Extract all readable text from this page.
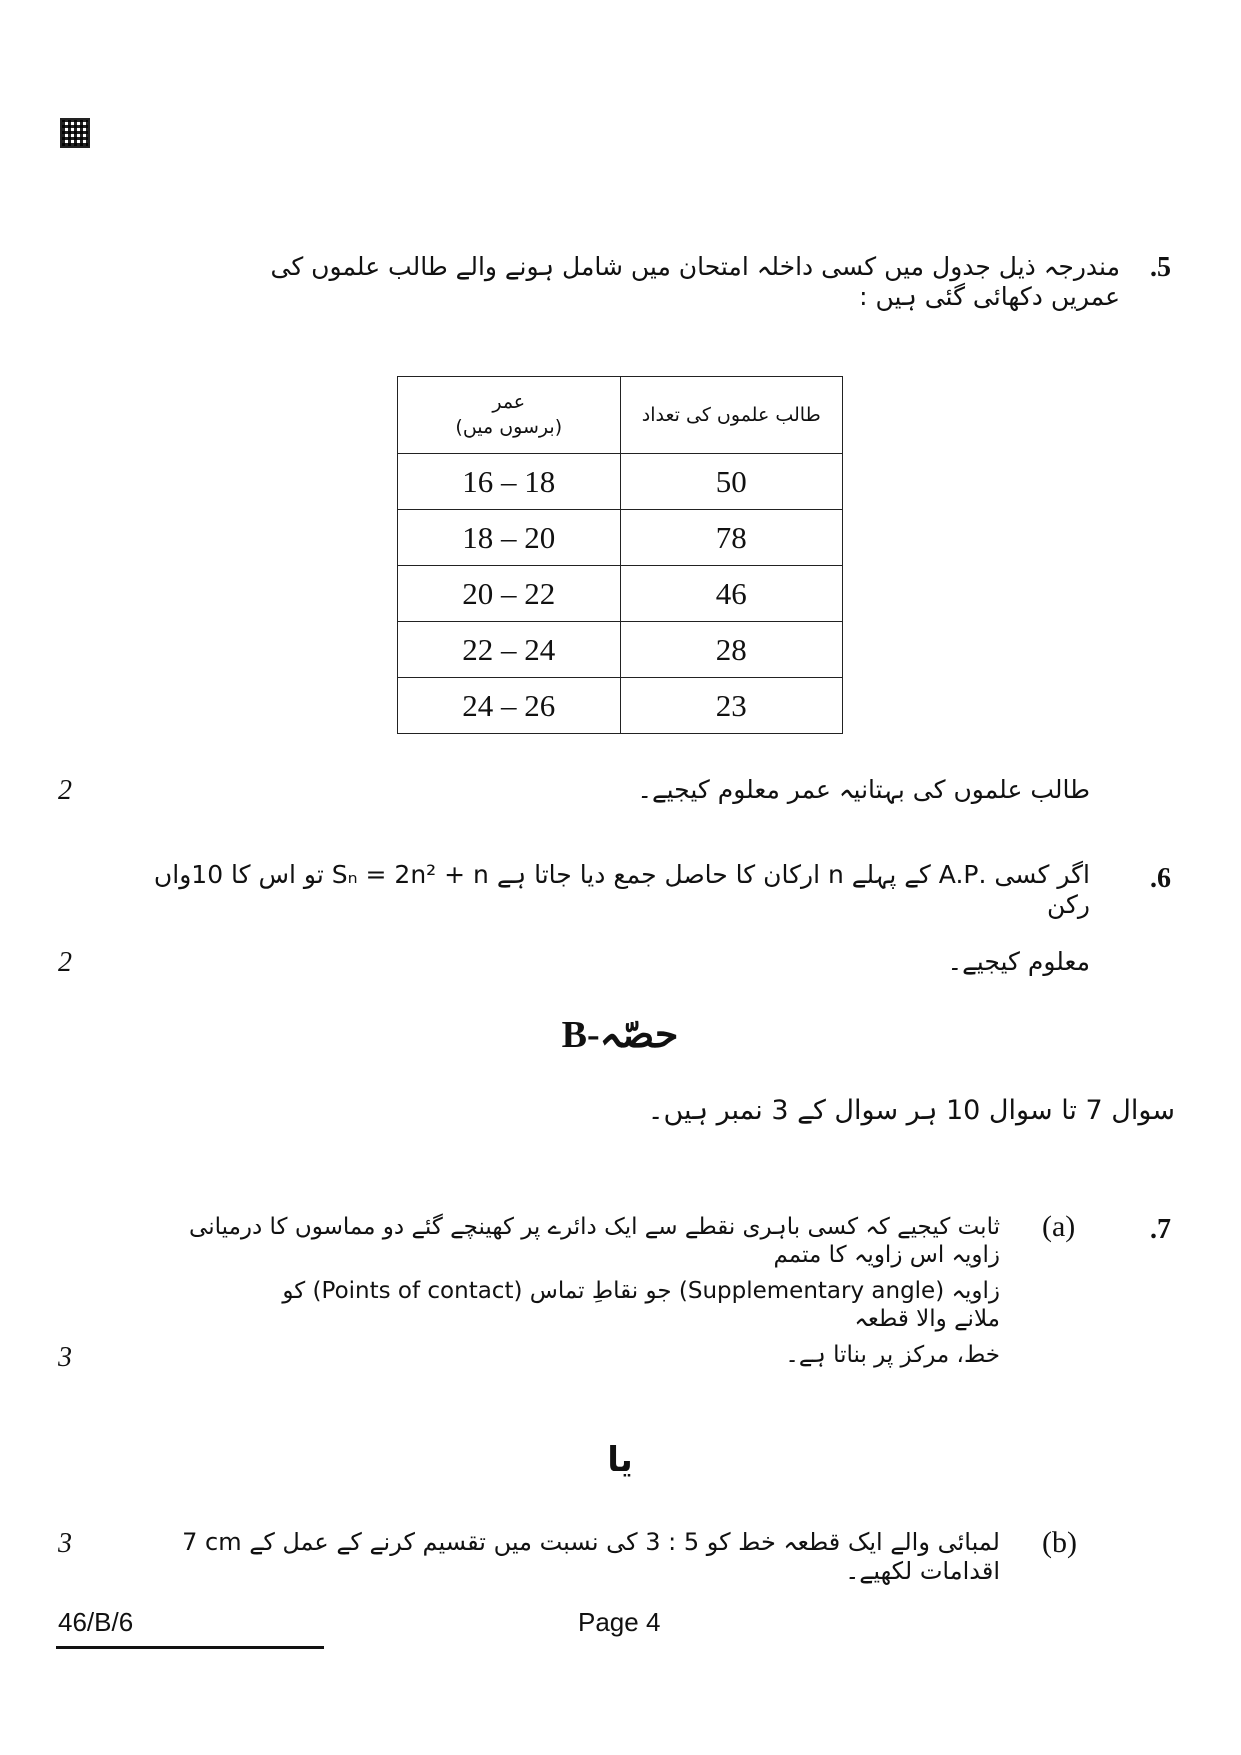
.5
مندرجہ ذیل جدول میں کسی داخلہ امتحان میں شامل ہونے والے طالب علموں کی عمریں دکھائی گئی ہیں :
عمر
(برسوں میں)	طالب علموں کی تعداد
16 – 18	50
18 – 20	78
20 – 22	46
22 – 24	28
24 – 26	23
طالب علموں کی بہتانیہ عمر معلوم کیجیے۔
2
.6
اگر کسی .A.P کے پہلے n ارکان کا حاصل جمع دیا جاتا ہے Sₙ = 2n² + n تو اس کا 10واں رکن
معلوم کیجیے۔
2
حصّہ-B
سوال 7 تا سوال 10 ہر سوال کے 3 نمبر ہیں۔
.7
(a)
ثابت کیجیے کہ کسی باہری نقطے سے ایک دائرے پر کھینچے گئے دو مماسوں کا درمیانی زاویہ اس زاویہ کا متمم
زاویہ (Supplementary angle) جو نقاطِ تماس (Points of contact) کو ملانے والا قطعہ
خط، مرکز پر بناتا ہے۔
3
یا
(b)
7 cm لمبائی والے ایک قطعہ خط کو 5 : 3 کی نسبت میں تقسیم کرنے کے عمل کے اقدامات لکھیے۔
3
46/B/6	Page 4
